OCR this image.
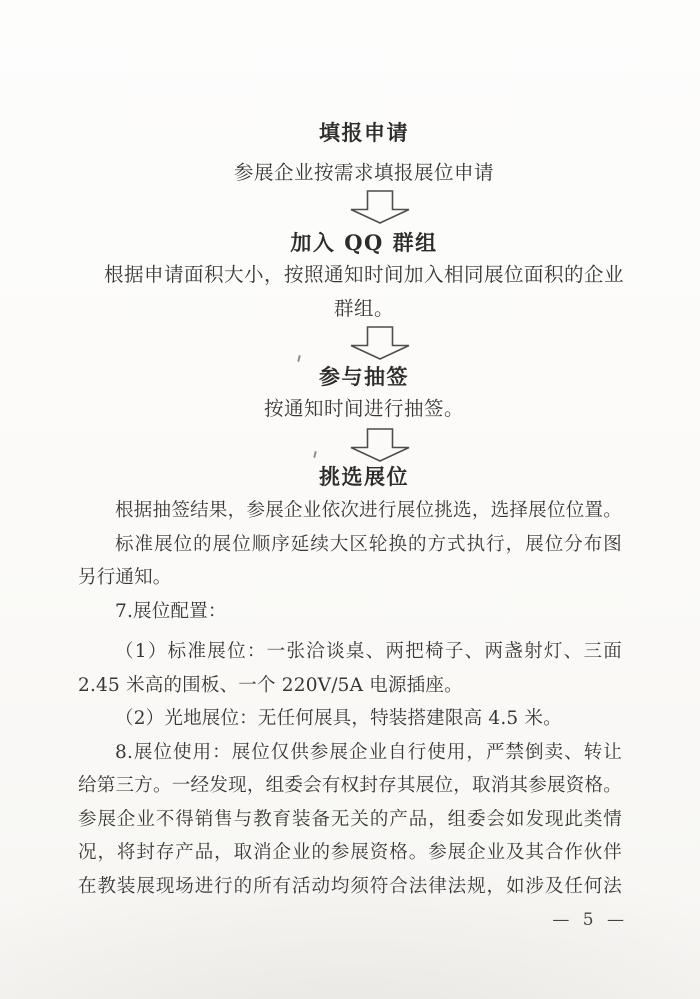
填报申请
参展企业按需求填报展位申请
加入 QQ 群组
根据申请面积大小，按照通知时间加入相同展位面积的企业
群组。
参与抽签
按通知时间进行抽签。
挑选展位
根据抽签结果，参展企业依次进行展位挑选，选择展位位置。
标准展位的展位顺序延续大区轮换的方式执行，展位分布图
另行通知。
7.展位配置：
（1）标准展位：一张洽谈桌、两把椅子、两盏射灯、三面
2.45 米高的围板、一个 220V/5A 电源插座。
（2）光地展位：无任何展具，特装搭建限高 4.5 米。
8.展位使用：展位仅供参展企业自行使用，严禁倒卖、转让
给第三方。一经发现，组委会有权封存其展位，取消其参展资格。
参展企业不得销售与教育装备无关的产品，组委会如发现此类情
况，将封存产品，取消企业的参展资格。参展企业及其合作伙伴
在教装展现场进行的所有活动均须符合法律法规，如涉及任何法
— 5 —
